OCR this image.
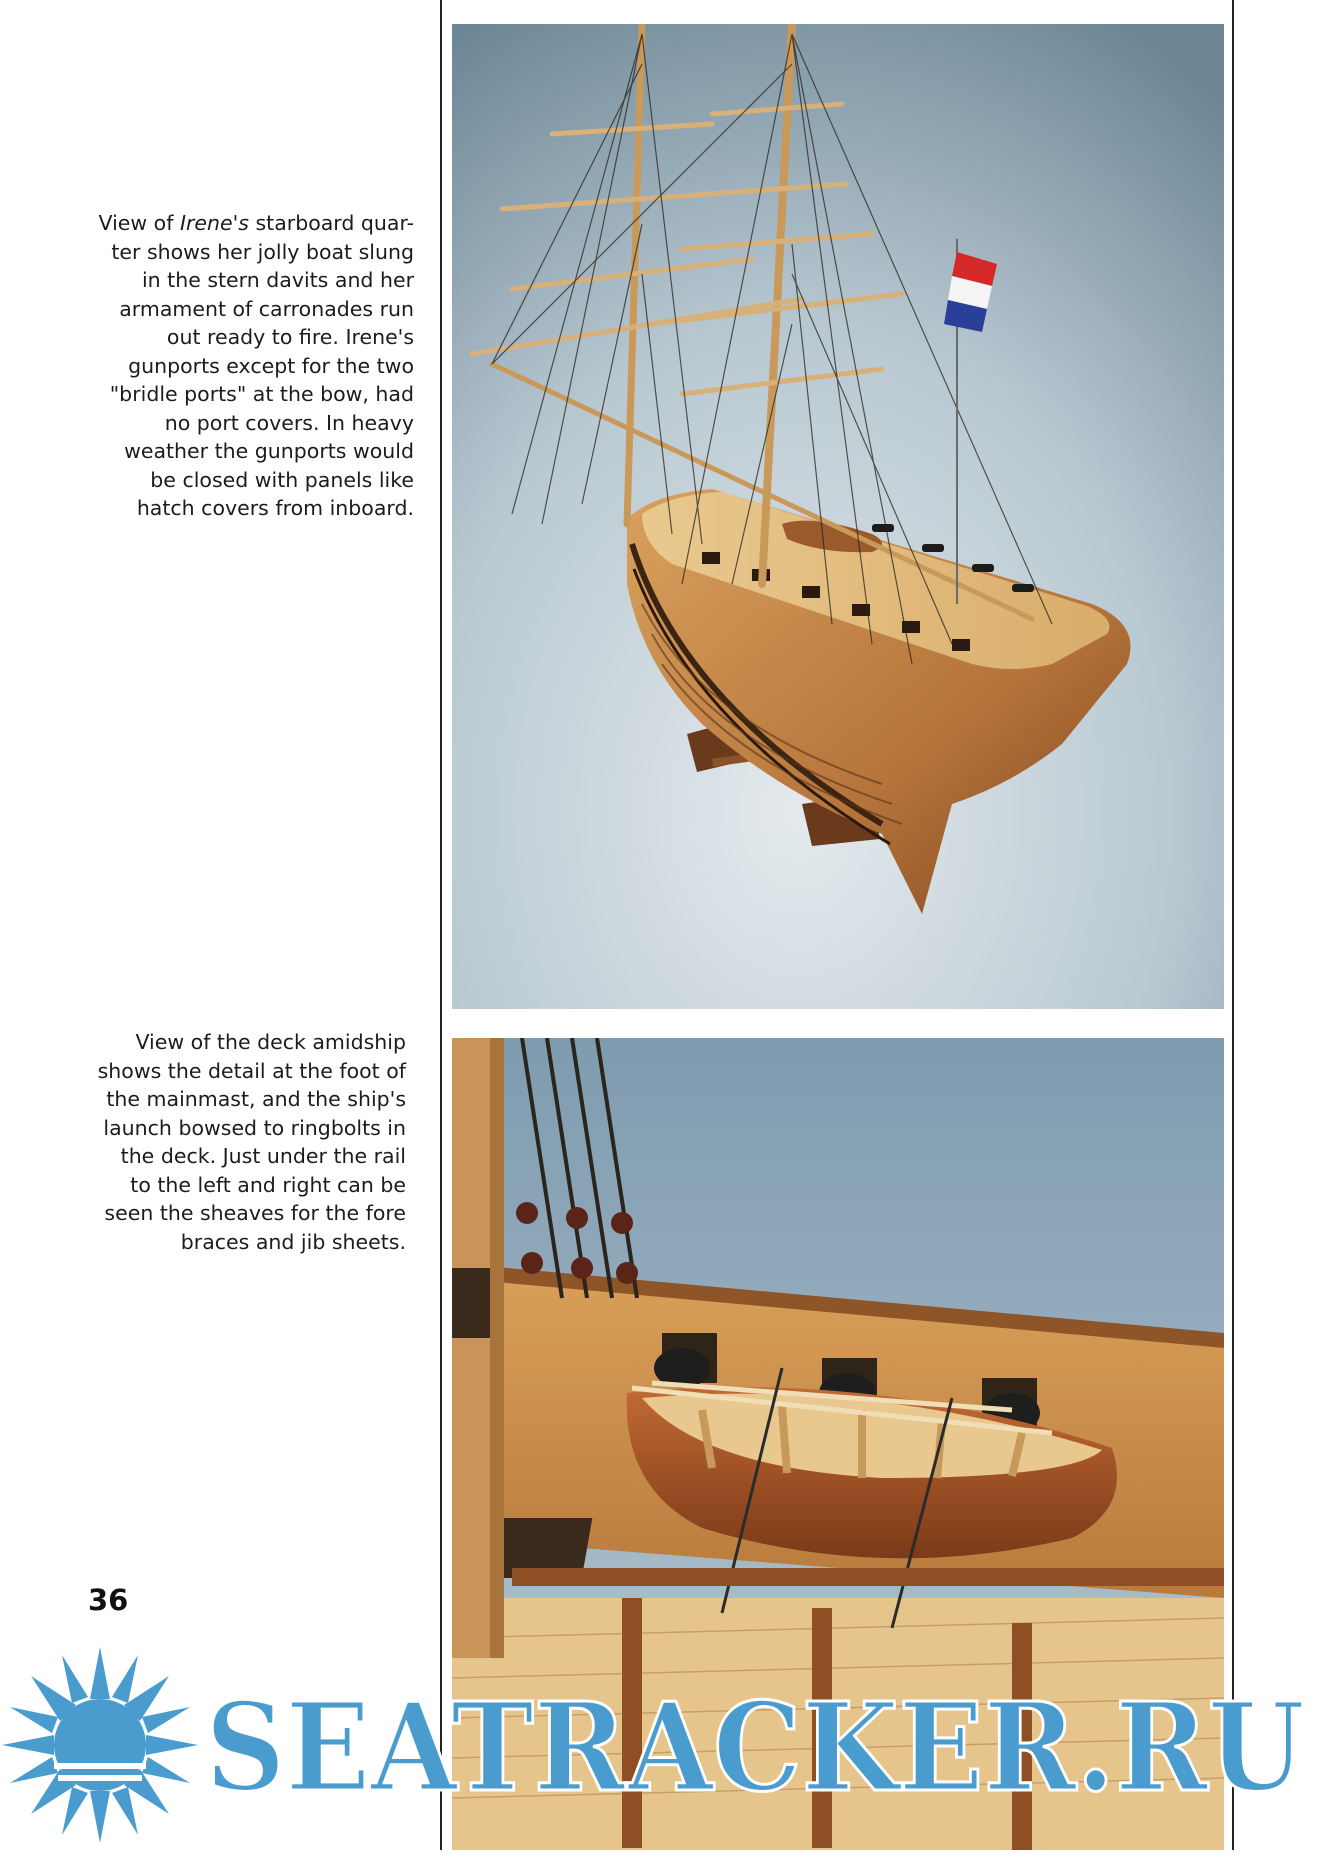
View of Irene's starboard quar-
ter shows her jolly boat slung
in the stern davits and her
armament of carronades run
out ready to fire. Irene's
gunports except for the two
"bridle ports" at the bow, had
no port covers. In heavy
weather the gunports would
be closed with panels like
hatch covers from inboard.
View of the deck amidship
shows the detail at the foot of
the mainmast, and the ship's
launch bowsed to ringbolts in
the deck. Just under the rail
to the left and right can be
seen the sheaves for the fore
braces and jib sheets.
36
SEATRACKER.RU
